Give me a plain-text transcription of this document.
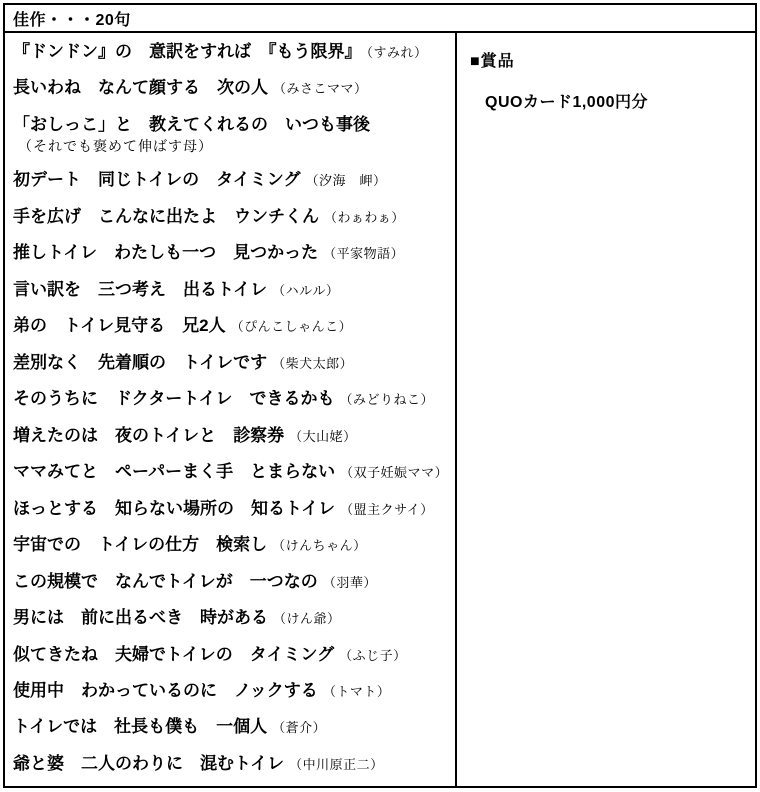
佳作・・・20句
『ドンドン』の　意訳をすれば　『もう限界』 （すみれ）
長いわね　なんて顔する　次の人 （みさこママ）
「おしっこ」と　教えてくれるの　いつも事後
（それでも褒めて伸ばす母）
初デート　同じトイレの　タイミング （汐海　岬）
手を広げ　こんなに出たよ　ウンチくん （わぁわぁ）
推しトイレ　わたしも一つ　見つかった （平家物語）
言い訳を　三つ考え　出るトイレ （ハルル）
弟の　トイレ見守る　兄2人 （ぴんこしゃんこ）
差別なく　先着順の　トイレです （柴犬太郎）
そのうちに　ドクタートイレ　できるかも （みどりねこ）
増えたのは　夜のトイレと　診察券 （大山姥）
ママみてと　ペーパーまく手　とまらない （双子妊娠ママ）
ほっとする　知らない場所の　知るトイレ （盟主クサイ）
宇宙での　トイレの仕方　検索し （けんちゃん）
この規模で　なんでトイレが　一つなの （羽華）
男には　前に出るべき　時がある （けん爺）
似てきたね　夫婦でトイレの　タイミング （ふじ子）
使用中　わかっているのに　ノックする （トマト）
トイレでは　社長も僕も　一個人 （蒼介）
爺と婆　二人のわりに　混むトイレ （中川原正二）
■賞品
QUOカード1,000円分
